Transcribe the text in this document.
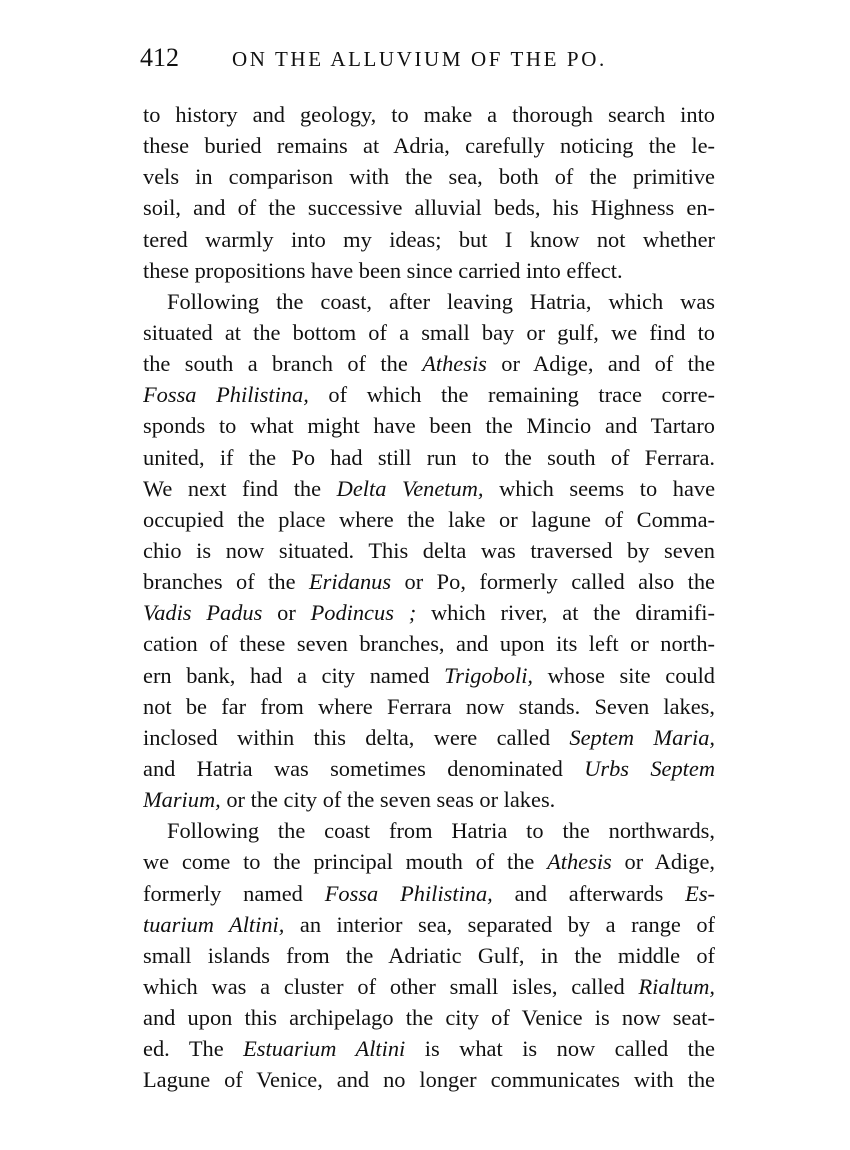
412	ON THE ALLUVIUM OF THE PO.
to history and geology, to make a thorough search into
these buried remains at Adria, carefully noticing the le-
vels in comparison with the sea, both of the primitive
soil, and of the successive alluvial beds, his Highness en-
tered warmly into my ideas; but I know not whether
these propositions have been since carried into effect.
Following the coast, after leaving Hatria, which was
situated at the bottom of a small bay or gulf, we find to
the south a branch of the Athesis or Adige, and of the
Fossa Philistina, of which the remaining trace corre-
sponds to what might have been the Mincio and Tartaro
united, if the Po had still run to the south of Ferrara.
We next find the Delta Venetum, which seems to have
occupied the place where the lake or lagune of Comma-
chio is now situated. This delta was traversed by seven
branches of the Eridanus or Po, formerly called also the
Vadis Padus or Podincus ; which river, at the diramifi-
cation of these seven branches, and upon its left or north-
ern bank, had a city named Trigoboli, whose site could
not be far from where Ferrara now stands. Seven lakes,
inclosed within this delta, were called Septem Maria,
and Hatria was sometimes denominated Urbs Septem
Marium, or the city of the seven seas or lakes.
Following the coast from Hatria to the northwards,
we come to the principal mouth of the Athesis or Adige,
formerly named Fossa Philistina, and afterwards Es-
tuarium Altini, an interior sea, separated by a range of
small islands from the Adriatic Gulf, in the middle of
which was a cluster of other small isles, called Rialtum,
and upon this archipelago the city of Venice is now seat-
ed. The Estuarium Altini is what is now called the
Lagune of Venice, and no longer communicates with the
